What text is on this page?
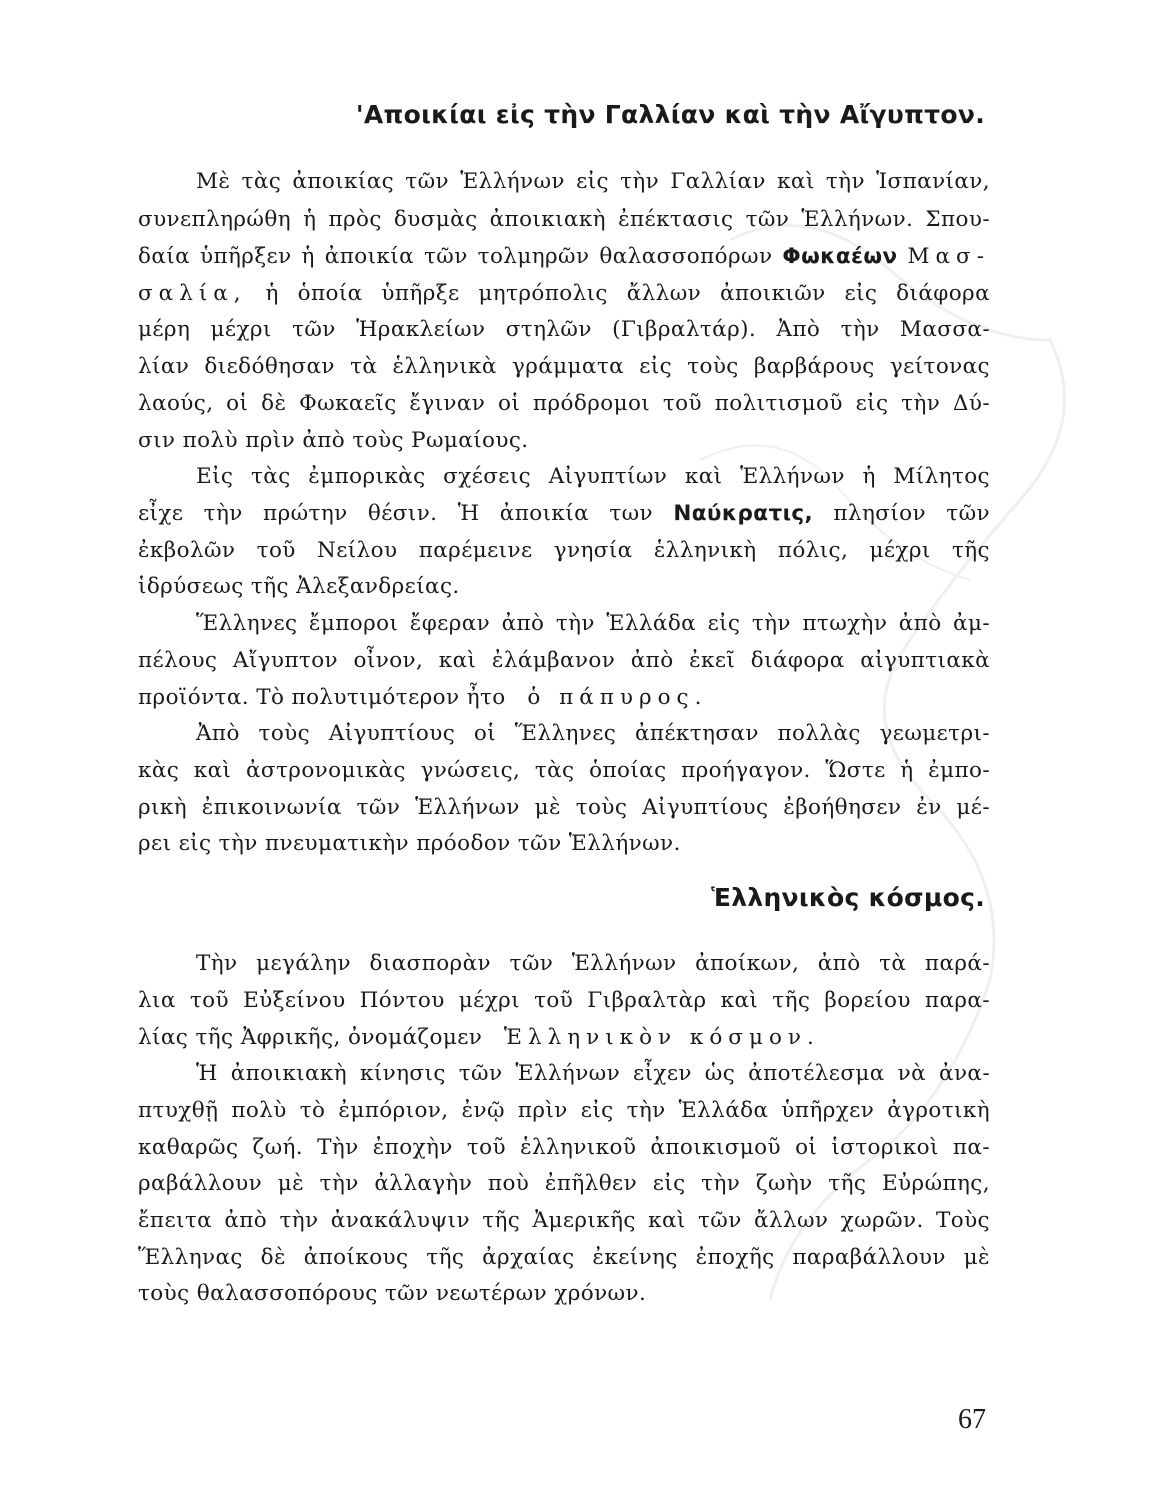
'Αποικίαι εἰς τὴν Γαλλίαν καὶ τὴν Αἴγυπτον.
Μὲ τὰς ἀποικίας τῶν Ἑλλήνων εἰς τὴν Γαλλίαν καὶ τὴν Ἱσπανίαν,
συνεπληρώθη ἡ πρὸς δυσμὰς ἀποικιακὴ ἐπέκτασις τῶν Ἑλλήνων. Σπου-
δαία ὑπῆρξεν ἡ ἀποικία τῶν τολμηρῶν θαλασσοπόρων Φωκαέων Μασ-
σαλία, ἡ ὁποία ὑπῆρξε μητρόπολις ἄλλων ἀποικιῶν εἰς διάφορα
μέρη μέχρι τῶν Ἡρακλείων στηλῶν (Γιβραλτάρ). Ἀπὸ τὴν Μασσα-
λίαν διεδόθησαν τὰ ἑλληνικὰ γράμματα εἰς τοὺς βαρβάρους γείτονας
λαούς, οἱ δὲ Φωκαεῖς ἔγιναν οἱ πρόδρομοι τοῦ πολιτισμοῦ εἰς τὴν Δύ-
σιν πολὺ πρὶν ἀπὸ τοὺς Ρωμαίους.
Εἰς τὰς ἐμπορικὰς σχέσεις Αἰγυπτίων καὶ Ἑλλήνων ἡ Μίλητος
εἶχε τὴν πρώτην θέσιν. Ἡ ἀποικία των Ναύκρατις, πλησίον τῶν
ἐκβολῶν τοῦ Νείλου παρέμεινε γνησία ἑλληνικὴ πόλις, μέχρι τῆς
ἱδρύσεως τῆς Ἀλεξανδρείας.
Ἕλληνες ἔμποροι ἔφεραν ἀπὸ τὴν Ἑλλάδα εἰς τὴν πτωχὴν ἀπὸ ἀμ-
πέλους Αἴγυπτον οἶνον, καὶ ἐλάμβανον ἀπὸ ἐκεῖ διάφορα αἰγυπτιακὰ
προϊόντα. Τὸ πολυτιμότερον ἦτο ὁ πάπυρος.
Ἀπὸ τοὺς Αἰγυπτίους οἱ Ἕλληνες ἀπέκτησαν πολλὰς γεωμετρι-
κὰς καὶ ἀστρονομικὰς γνώσεις, τὰς ὁποίας προήγαγον. Ὥστε ἡ ἐμπο-
ρικὴ ἐπικοινωνία τῶν Ἑλλήνων μὲ τοὺς Αἰγυπτίους ἐβοήθησεν ἐν μέ-
ρει εἰς τὴν πνευματικὴν πρόοδον τῶν Ἑλλήνων.
Ἑλληνικὸς κόσμος.
Τὴν μεγάλην διασπορὰν τῶν Ἑλλήνων ἀποίκων, ἀπὸ τὰ παρά-
λια τοῦ Εὐξείνου Πόντου μέχρι τοῦ Γιβραλτὰρ καὶ τῆς βορείου παρα-
λίας τῆς Ἀφρικῆς, ὀνομάζομεν Ἑλληνικὸν κόσμον.
Ἡ ἀποικιακὴ κίνησις τῶν Ἑλλήνων εἶχεν ὡς ἀποτέλεσμα νὰ ἀνα-
πτυχθῇ πολὺ τὸ ἐμπόριον, ἐνῷ πρὶν εἰς τὴν Ἑλλάδα ὑπῆρχεν ἀγροτικὴ
καθαρῶς ζωή. Τὴν ἐποχὴν τοῦ ἑλληνικοῦ ἀποικισμοῦ οἱ ἱστορικοὶ πα-
ραβάλλουν μὲ τὴν ἀλλαγὴν ποὺ ἐπῆλθεν εἰς τὴν ζωὴν τῆς Εὐρώπης,
ἔπειτα ἀπὸ τὴν ἀνακάλυψιν τῆς Ἀμερικῆς καὶ τῶν ἄλλων χωρῶν. Τοὺς
Ἕλληνας δὲ ἀποίκους τῆς ἀρχαίας ἐκείνης ἐποχῆς παραβάλλουν μὲ
τοὺς θαλασσοπόρους τῶν νεωτέρων χρόνων.
67
